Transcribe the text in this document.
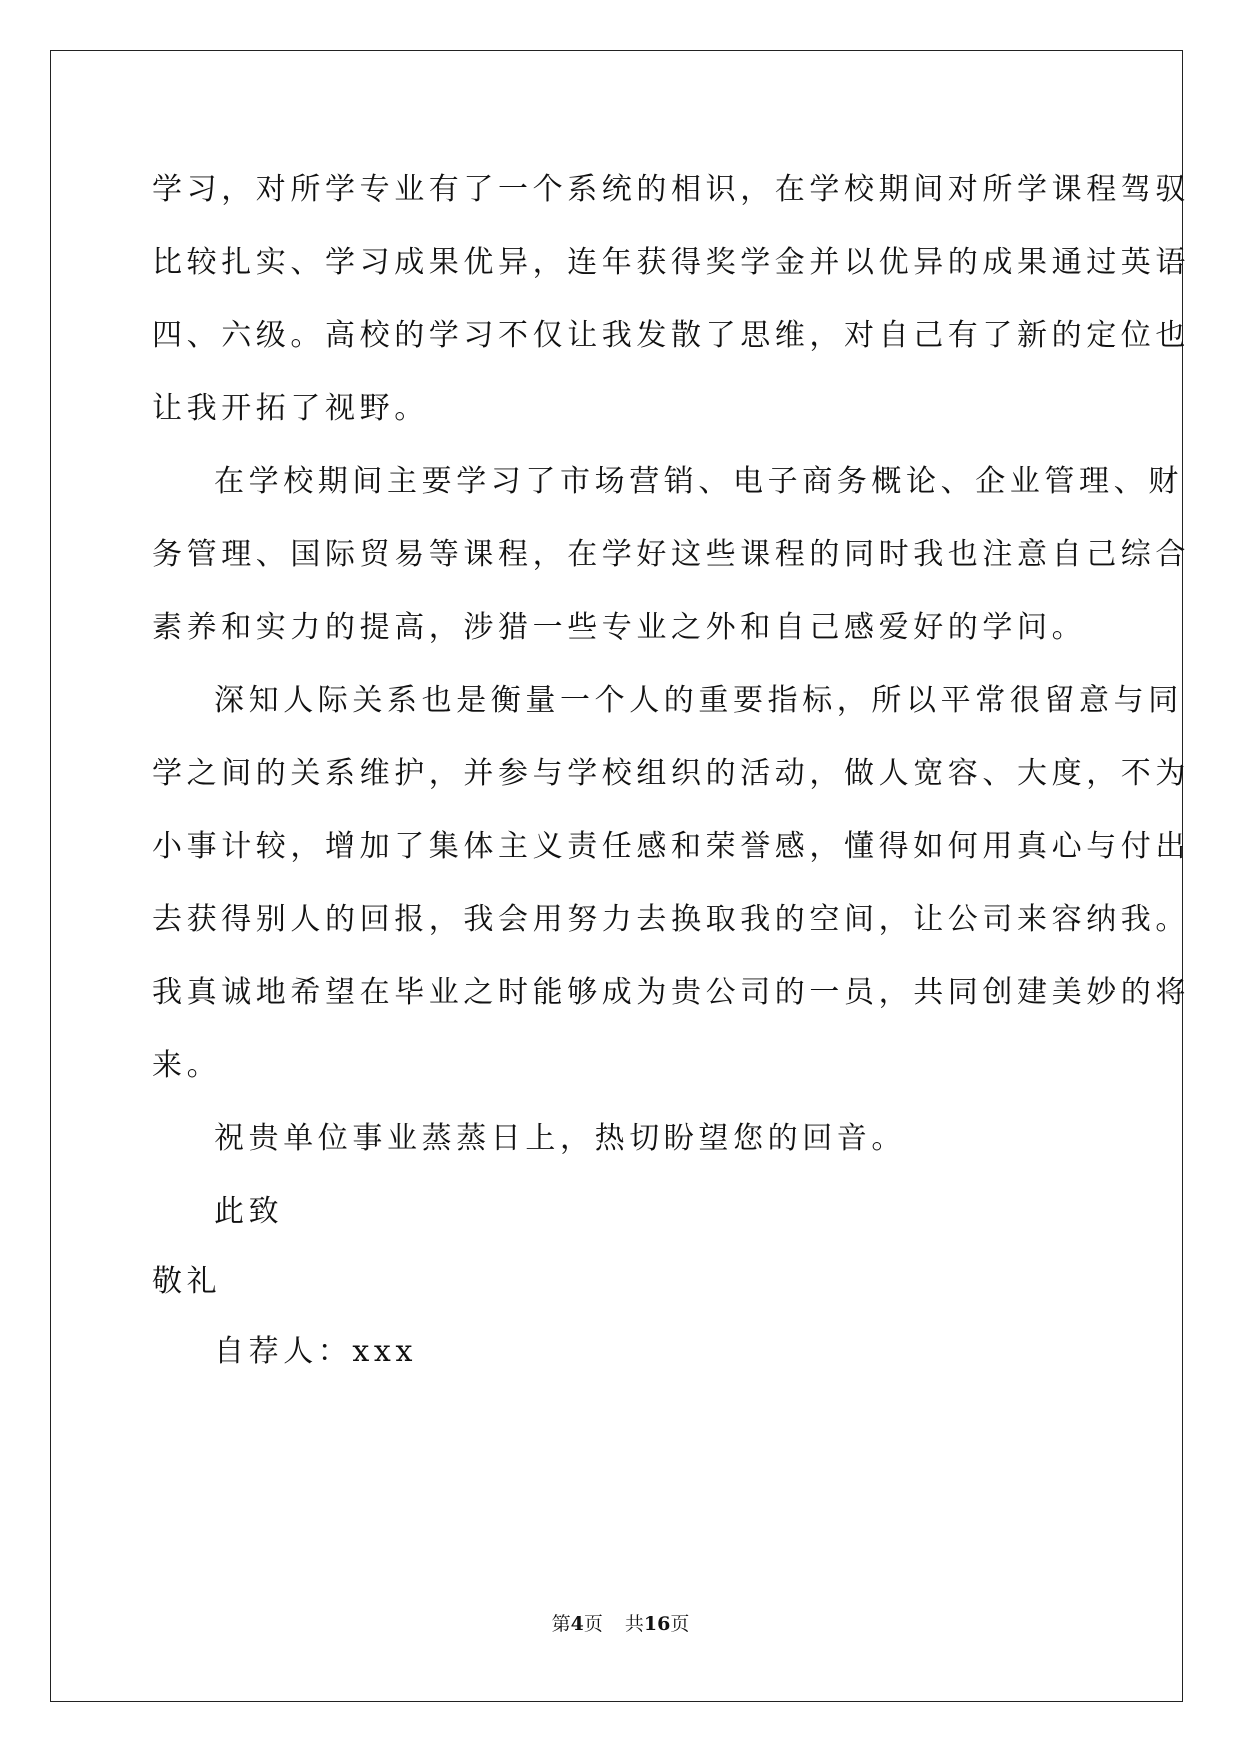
学习，对所学专业有了一个系统的相识，在学校期间对所学课程驾驭
比较扎实、学习成果优异，连年获得奖学金并以优异的成果通过英语
四、六级。高校的学习不仅让我发散了思维，对自己有了新的定位也
让我开拓了视野。
在学校期间主要学习了市场营销、电子商务概论、企业管理、财
务管理、国际贸易等课程，在学好这些课程的同时我也注意自己综合
素养和实力的提高，涉猎一些专业之外和自己感爱好的学问。
深知人际关系也是衡量一个人的重要指标，所以平常很留意与同
学之间的关系维护，并参与学校组织的活动，做人宽容、大度，不为
小事计较，增加了集体主义责任感和荣誉感，懂得如何用真心与付出
去获得别人的回报，我会用努力去换取我的空间，让公司来容纳我。
我真诚地希望在毕业之时能够成为贵公司的一员，共同创建美妙的将
来。
祝贵单位事业蒸蒸日上，热切盼望您的回音。
此致
敬礼
自荐人：xxx
第4页 共16页
